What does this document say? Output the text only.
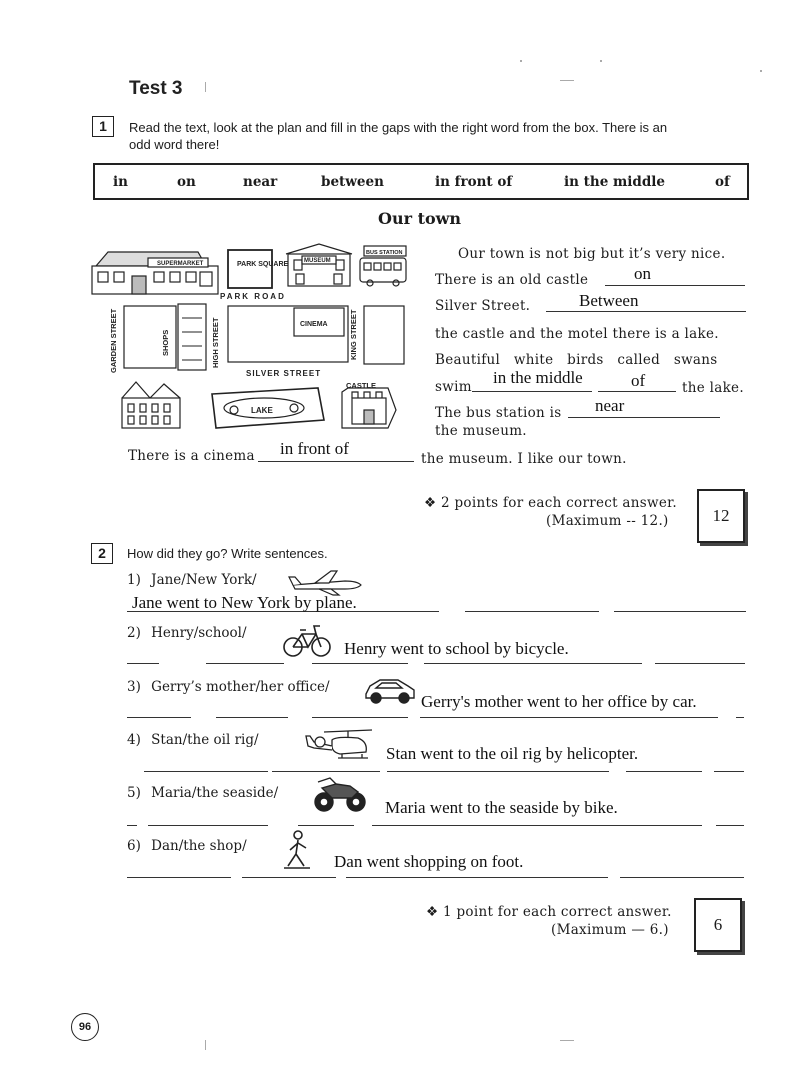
Test 3
1	Read the text, look at the plan and fill in the gaps with the right word from the box. There is an
odd word there!
in	on	near	between	in front of	in the middle	of
Our town
SUPERMARKET	PARK SQUARE	MUSEUM
BUS STATION
PARK ROAD
GARDEN STREET	SHOPS	HIGH STREET	CINEMA	KING STREET
SILVER STREET
CASTLE
LAKE
Our town is not big but it’s very nice.
There is an old castle	on
Silver Street.	Between
the castle and the motel there is a lake.
Beautiful   white   birds   called   swans
swim in the middle	of	the lake.
The bus station is near
the museum.
There is a cinema in front of
the museum. I like our town.
❖ 2 points for each correct answer.
(Maximum -- 12.)	12
2	How did they go? Write sentences.
1) Jane/New York/
Jane went to New York by plane.
2) Henry/school/
Henry went to school by bicycle.
3) Gerry’s mother/her office/
Gerry's mother went to her office by car.
4) Stan/the oil rig/
Stan went to the oil rig by helicopter.
5) Maria/the seaside/
Maria went to the seaside by bike.
6) Dan/the shop/
Dan went shopping on foot.
❖ 1 point for each correct answer.
(Maximum — 6.)	6
96
